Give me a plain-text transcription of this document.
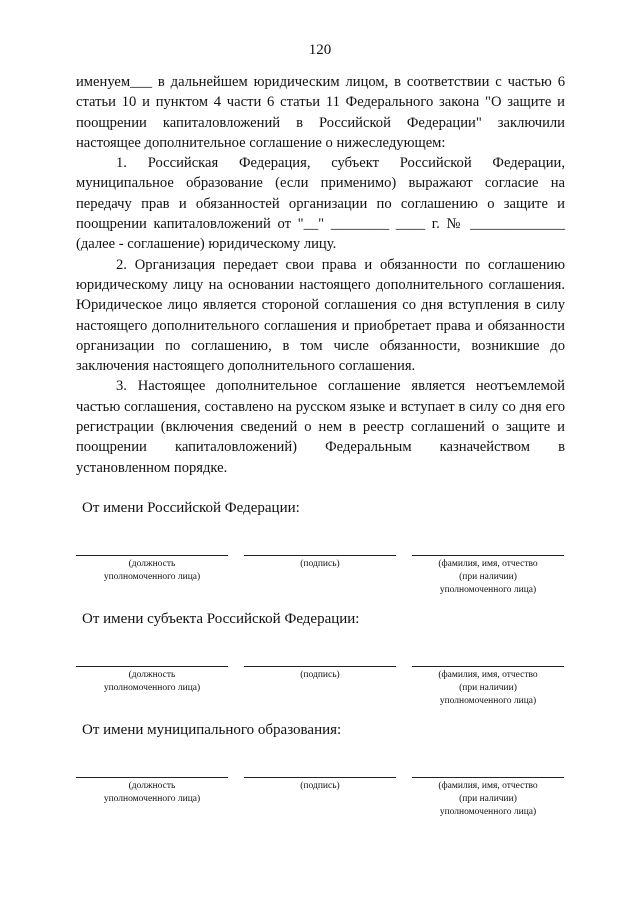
120

именуем___ в дальнейшем юридическим лицом, в соответствии с частью 6 статьи 10 и пунктом 4 части 6 статьи 11 Федерального закона "О защите и поощрении капиталовложений в Российской Федерации" заключили настоящее дополнительное соглашение о нижеследующем:

1. Российская Федерация, субъект Российской Федерации, муниципальное образование (если применимо) выражают согласие на передачу прав и обязанностей организации по соглашению о защите и поощрении капиталовложений от "__" ________ ____ г. № _____________ (далее - соглашение) юридическому лицу.

2. Организация передает свои права и обязанности по соглашению юридическому лицу на основании настоящего дополнительного соглашения. Юридическое лицо является стороной соглашения со дня вступления в силу настоящего дополнительного соглашения и приобретает права и обязанности организации по соглашению, в том числе обязанности, возникшие до заключения настоящего дополнительного соглашения.

3. Настоящее дополнительное соглашение является неотъемлемой частью соглашения, составлено на русском языке и вступает в силу со дня его регистрации (включения сведений о нем в реестр соглашений о защите и поощрении капиталовложений) Федеральным казначейством в установленном порядке.

От имени Российской Федерации:
(должность
уполномоченного лица)
(подпись)	(фамилия, имя, отчество
(при наличии)
уполномоченного лица)
От имени субъекта Российской Федерации:
(должность
уполномоченного лица)
(подпись)	(фамилия, имя, отчество
(при наличии)
уполномоченного лица)
От имени муниципального образования:
(должность
уполномоченного лица)
(подпись)	(фамилия, имя, отчество
(при наличии)
уполномоченного лица)
